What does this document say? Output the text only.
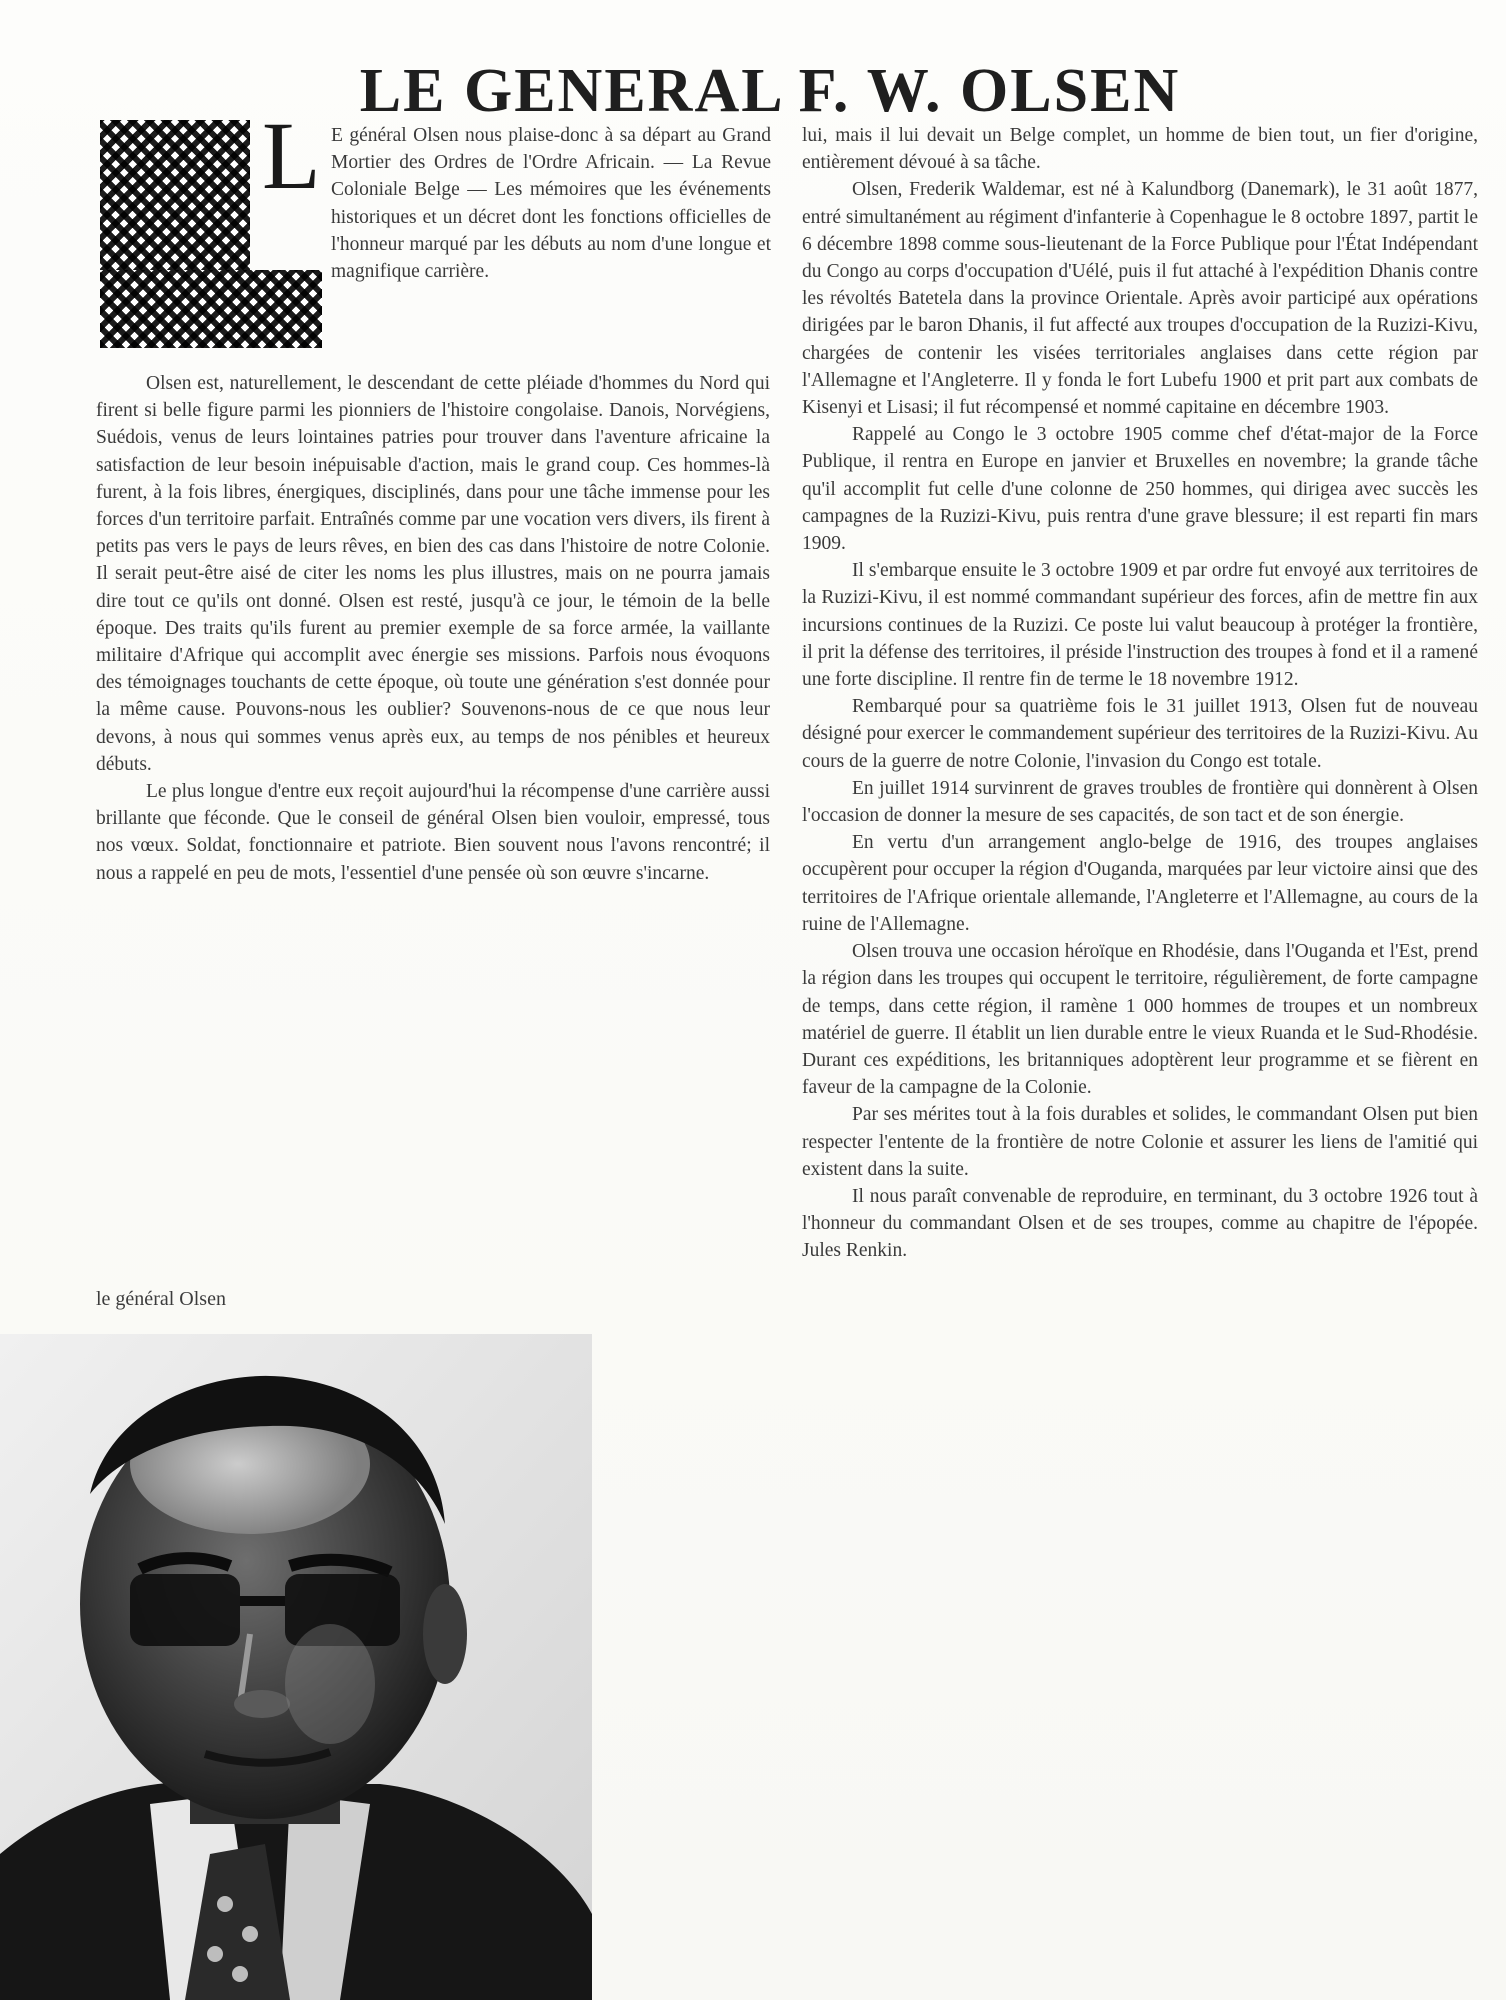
LE GENERAL F. W. OLSEN
L E général Olsen nous plaise-donc à sa départ au Grand Mortier des Ordres de l'Ordre Africain. — La Revue Coloniale Belge — Les mémoires que les événements historiques et un décret dont les fonctions officielles de l'honneur marqué par les débuts au nom d'une longue et magnifique carrière.

Olsen est, naturellement, le descendant de cette pléiade d'hommes du Nord qui firent si belle figure parmi les pionniers de l'histoire congolaise. Danois, Norvégiens, Suédois, venus de leurs lointaines patries pour trouver dans l'aventure africaine la satisfaction de leur besoin inépuisable d'action, mais le grand coup. Ces hommes-là furent, à la fois libres, énergiques, disciplinés, dans pour une tâche immense pour les forces d'un territoire parfait. Entraînés comme par une vocation vers divers, ils firent à petits pas vers le pays de leurs rêves, en bien des cas dans l'histoire de notre Colonie. Il serait peut-être aisé de citer les noms les plus illustres, mais on ne pourra jamais dire tout ce qu'ils ont donné. Olsen est resté, jusqu'à ce jour, le témoin de la belle époque. Des traits qu'ils furent au premier exemple de sa force armée, la vaillante militaire d'Afrique qui accomplit avec énergie ses missions. Parfois nous évoquons des témoignages touchants de cette époque, où toute une génération s'est donnée pour la même cause. Pouvons-nous les oublier? Souvenons-nous de ce que nous leur devons, à nous qui sommes venus après eux, au temps de nos pénibles et heureux débuts.

Le plus longue d'entre eux reçoit aujourd'hui la récompense d'une carrière aussi brillante que féconde. Que le conseil de général Olsen bien vouloir, empressé, tous nos vœux. Soldat, fonctionnaire et patriote. Bien souvent nous l'avons rencontré; il nous a rappelé en peu de mots, l'essentiel d'une pensée où son œuvre s'incarne.

lui, mais il lui devait un Belge complet, un homme de bien tout, un fier d'origine, entièrement dévoué à sa tâche.

Olsen, Frederik Waldemar, est né à Kalundborg (Danemark), le 31 août 1877, entré simultanément au régiment d'infanterie à Copenhague le 8 octobre 1897, partit le 6 décembre 1898 comme sous-lieutenant de la Force Publique pour l'État Indépendant du Congo au corps d'occupation d'Uélé, puis il fut attaché à l'expédition Dhanis contre les révoltés Batetela dans la province Orientale. Après avoir participé aux opérations dirigées par le baron Dhanis, il fut affecté aux troupes d'occupation de la Ruzizi-Kivu, chargées de contenir les visées territoriales anglaises dans cette région par l'Allemagne et l'Angleterre. Il y fonda le fort Lubefu 1900 et prit part aux combats de Kisenyi et Lisasi; il fut récompensé et nommé capitaine en décembre 1903.

Rappelé au Congo le 3 octobre 1905 comme chef d'état-major de la Force Publique, il rentra en Europe en janvier et Bruxelles en novembre; la grande tâche qu'il accomplit fut celle d'une colonne de 250 hommes, qui dirigea avec succès les campagnes de la Ruzizi-Kivu, puis rentra d'une grave blessure; il est reparti fin mars 1909.

Il s'embarque ensuite le 3 octobre 1909 et par ordre fut envoyé aux territoires de la Ruzizi-Kivu, il est nommé commandant supérieur des forces, afin de mettre fin aux incursions continues de la Ruzizi. Ce poste lui valut beaucoup à protéger la frontière, il prit la défense des territoires, il préside l'instruction des troupes à fond et il a ramené une forte discipline. Il rentre fin de terme le 18 novembre 1912.

Rembarqué pour sa quatrième fois le 31 juillet 1913, Olsen fut de nouveau désigné pour exercer le commandement supérieur des territoires de la Ruzizi-Kivu. Au cours de la guerre de notre Colonie, l'invasion du Congo est totale.

En juillet 1914 survinrent de graves troubles de frontière qui donnèrent à Olsen l'occasion de donner la mesure de ses capacités, de son tact et de son énergie.

En vertu d'un arrangement anglo-belge de 1916, des troupes anglaises occupèrent pour occuper la région d'Ouganda, marquées par leur victoire ainsi que des territoires de l'Afrique orientale allemande, l'Angleterre et l'Allemagne, au cours de la ruine de l'Allemagne.

Olsen trouva une occasion héroïque en Rhodésie, dans l'Ouganda et l'Est, prend la région dans les troupes qui occupent le territoire, régulièrement, de forte campagne de temps, dans cette région, il ramène 1 000 hommes de troupes et un nombreux matériel de guerre. Il établit un lien durable entre le vieux Ruanda et le Sud-Rhodésie. Durant ces expéditions, les britanniques adoptèrent leur programme et se fièrent en faveur de la campagne de la Colonie.

Par ses mérites tout à la fois durables et solides, le commandant Olsen put bien respecter l'entente de la frontière de notre Colonie et assurer les liens de l'amitié qui existent dans la suite.

Il nous paraît convenable de reproduire, en terminant, du 3 octobre 1926 tout à l'honneur du commandant Olsen et de ses troupes, comme au chapitre de l'épopée. Jules Renkin.

le général Olsen
